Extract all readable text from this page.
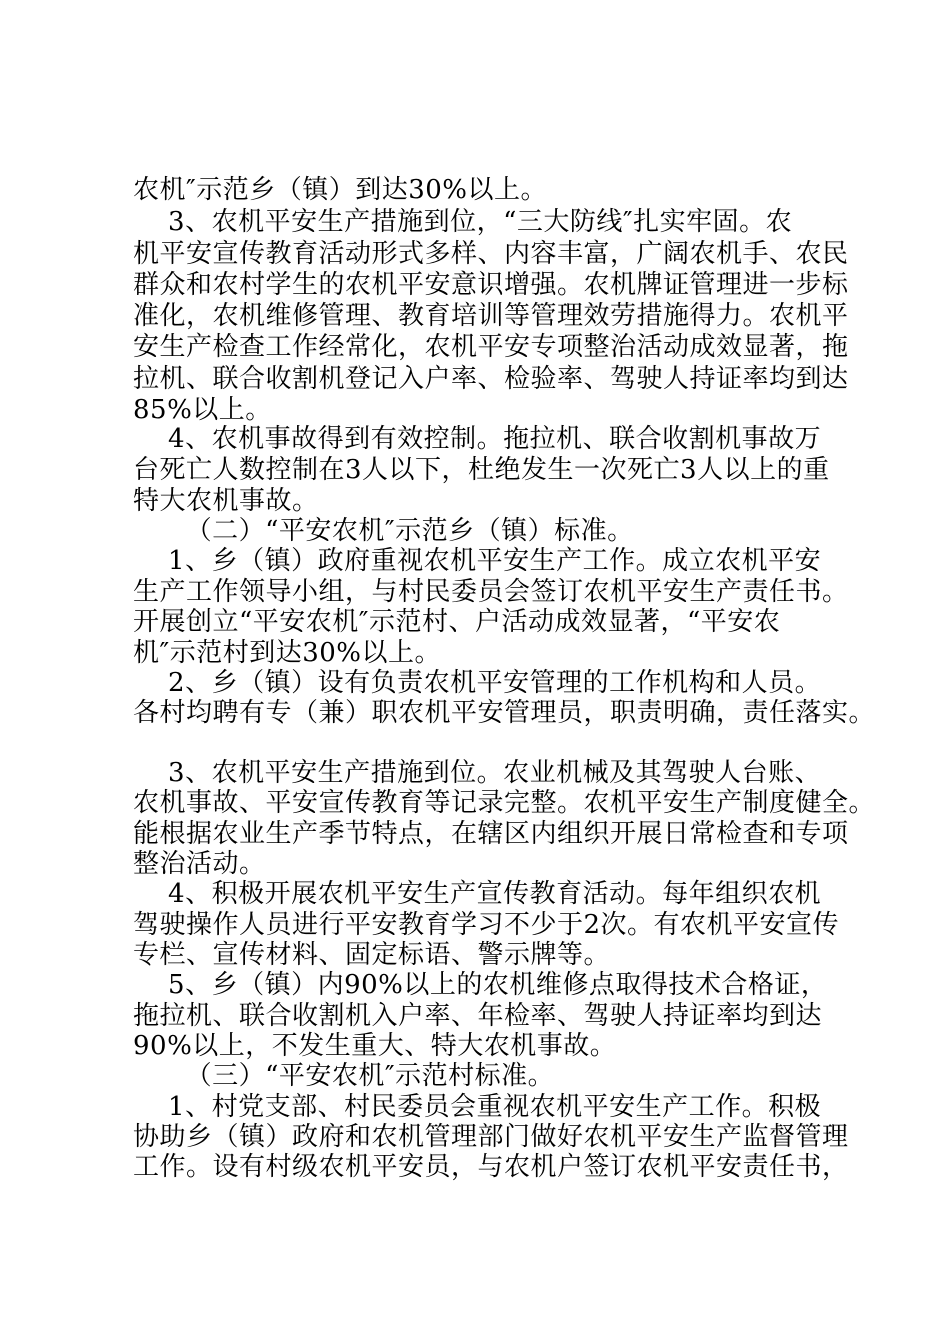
农机″示范乡（镇）到达30%以上。
3、农机平安生产措施到位，“三大防线″扎实牢固。农
机平安宣传教育活动形式多样、内容丰富，广阔农机手、农民
群众和农村学生的农机平安意识增强。农机牌证管理进一步标
准化，农机维修管理、教育培训等管理效劳措施得力。农机平
安生产检查工作经常化，农机平安专项整治活动成效显著，拖
拉机、联合收割机登记入户率、检验率、驾驶人持证率均到达
85%以上。
4、农机事故得到有效控制。拖拉机、联合收割机事故万
台死亡人数控制在3人以下，杜绝发生一次死亡3人以上的重
特大农机事故。
（二）“平安农机″示范乡（镇）标准。
1、乡（镇）政府重视农机平安生产工作。成立农机平安
生产工作领导小组，与村民委员会签订农机平安生产责任书。
开展创立“平安农机″示范村、户活动成效显著，“平安农
机″示范村到达30%以上。
2、乡（镇）设有负责农机平安管理的工作机构和人员。
各村均聘有专（兼）职农机平安管理员，职责明确，责任落实。
3、农机平安生产措施到位。农业机械及其驾驶人台账、
农机事故、平安宣传教育等记录完整。农机平安生产制度健全。
能根据农业生产季节特点，在辖区内组织开展日常检查和专项
整治活动。
4、积极开展农机平安生产宣传教育活动。每年组织农机
驾驶操作人员进行平安教育学习不少于2次。有农机平安宣传
专栏、宣传材料、固定标语、警示牌等。
5、乡（镇）内90%以上的农机维修点取得技术合格证，
拖拉机、联合收割机入户率、年检率、驾驶人持证率均到达
90%以上，不发生重大、特大农机事故。
（三）“平安农机″示范村标准。
1、村党支部、村民委员会重视农机平安生产工作。积极
协助乡（镇）政府和农机管理部门做好农机平安生产监督管理
工作。设有村级农机平安员，与农机户签订农机平安责任书，
